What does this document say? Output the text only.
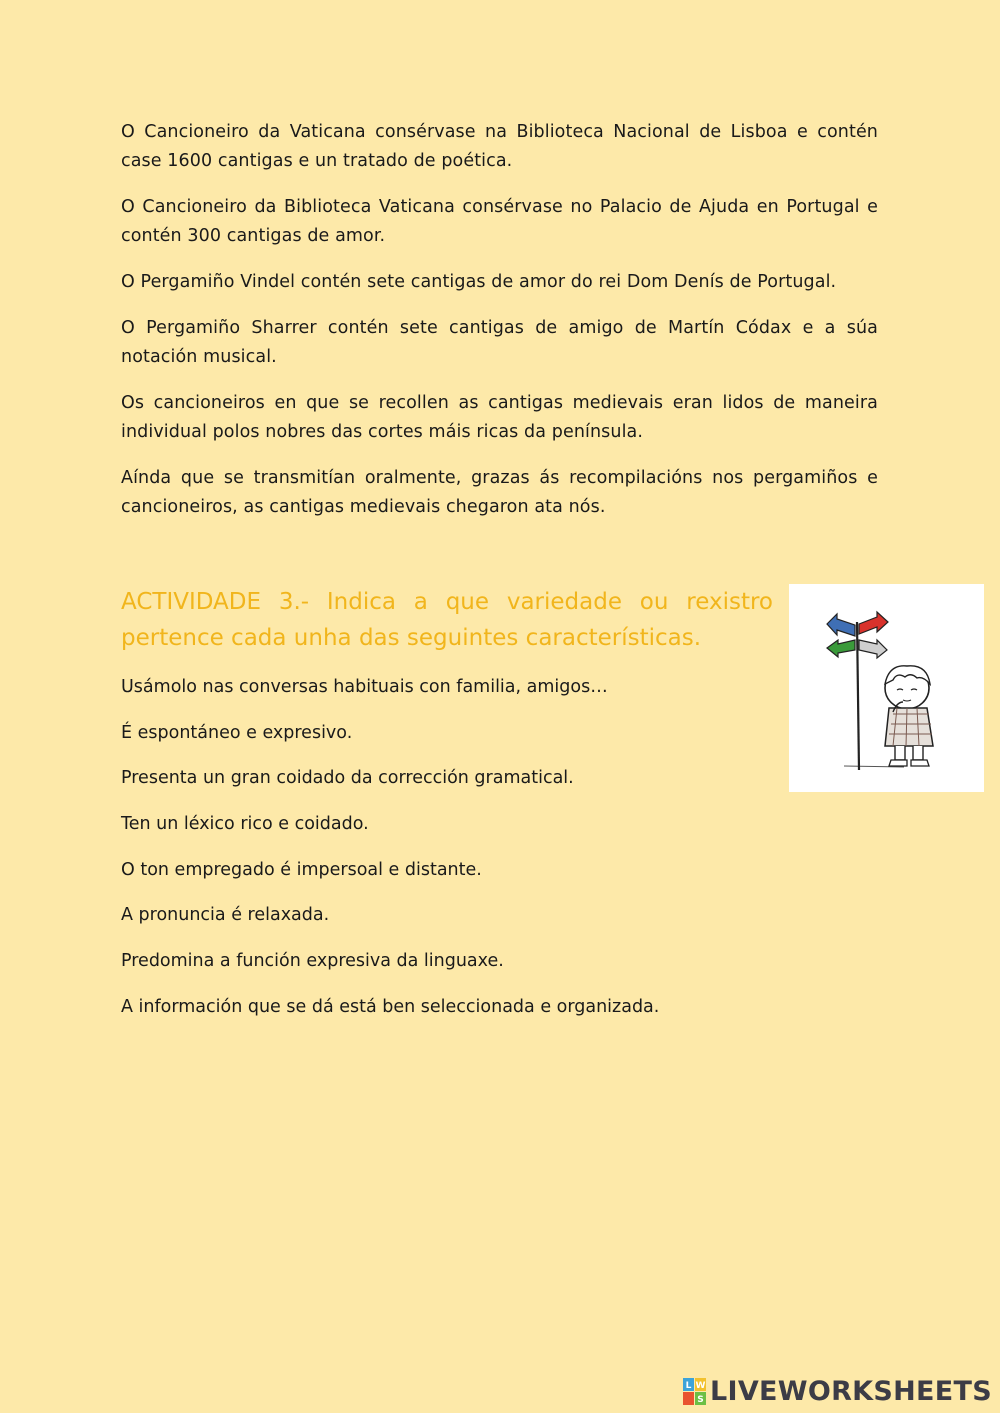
O Cancioneiro da Vaticana consérvase na Biblioteca Nacional de Lisboa e contén case 1600 cantigas e un tratado de poética.

O Cancioneiro da Biblioteca Vaticana consérvase no Palacio de Ajuda en Portugal e contén 300 cantigas de amor.

O Pergamiño Vindel contén sete cantigas de amor do rei Dom Denís de Portugal.

O Pergamiño Sharrer contén sete cantigas de amigo de Martín Códax e a súa notación musical.

Os cancioneiros en que se recollen as cantigas medievais eran lidos de maneira individual polos nobres das cortes máis ricas da península.

Aínda que se transmitían oralmente, grazas ás recompilacións nos pergamiños e cancioneiros, as cantigas medievais chegaron ata nós.

ACTIVIDADE 3.- Indica a que variedade ou rexistro pertence cada unha das seguintes características.
Usámolo nas conversas habituais con familia, amigos…
É espontáneo e expresivo.
Presenta un gran coidado da corrección gramatical.
Ten un léxico rico e coidado.
O ton empregado é impersoal e distante.
A pronuncia é relaxada.
Predomina a función expresiva da linguaxe.
A información que se dá está ben seleccionada e organizada.
L W
S LIVEWORKSHEETS
